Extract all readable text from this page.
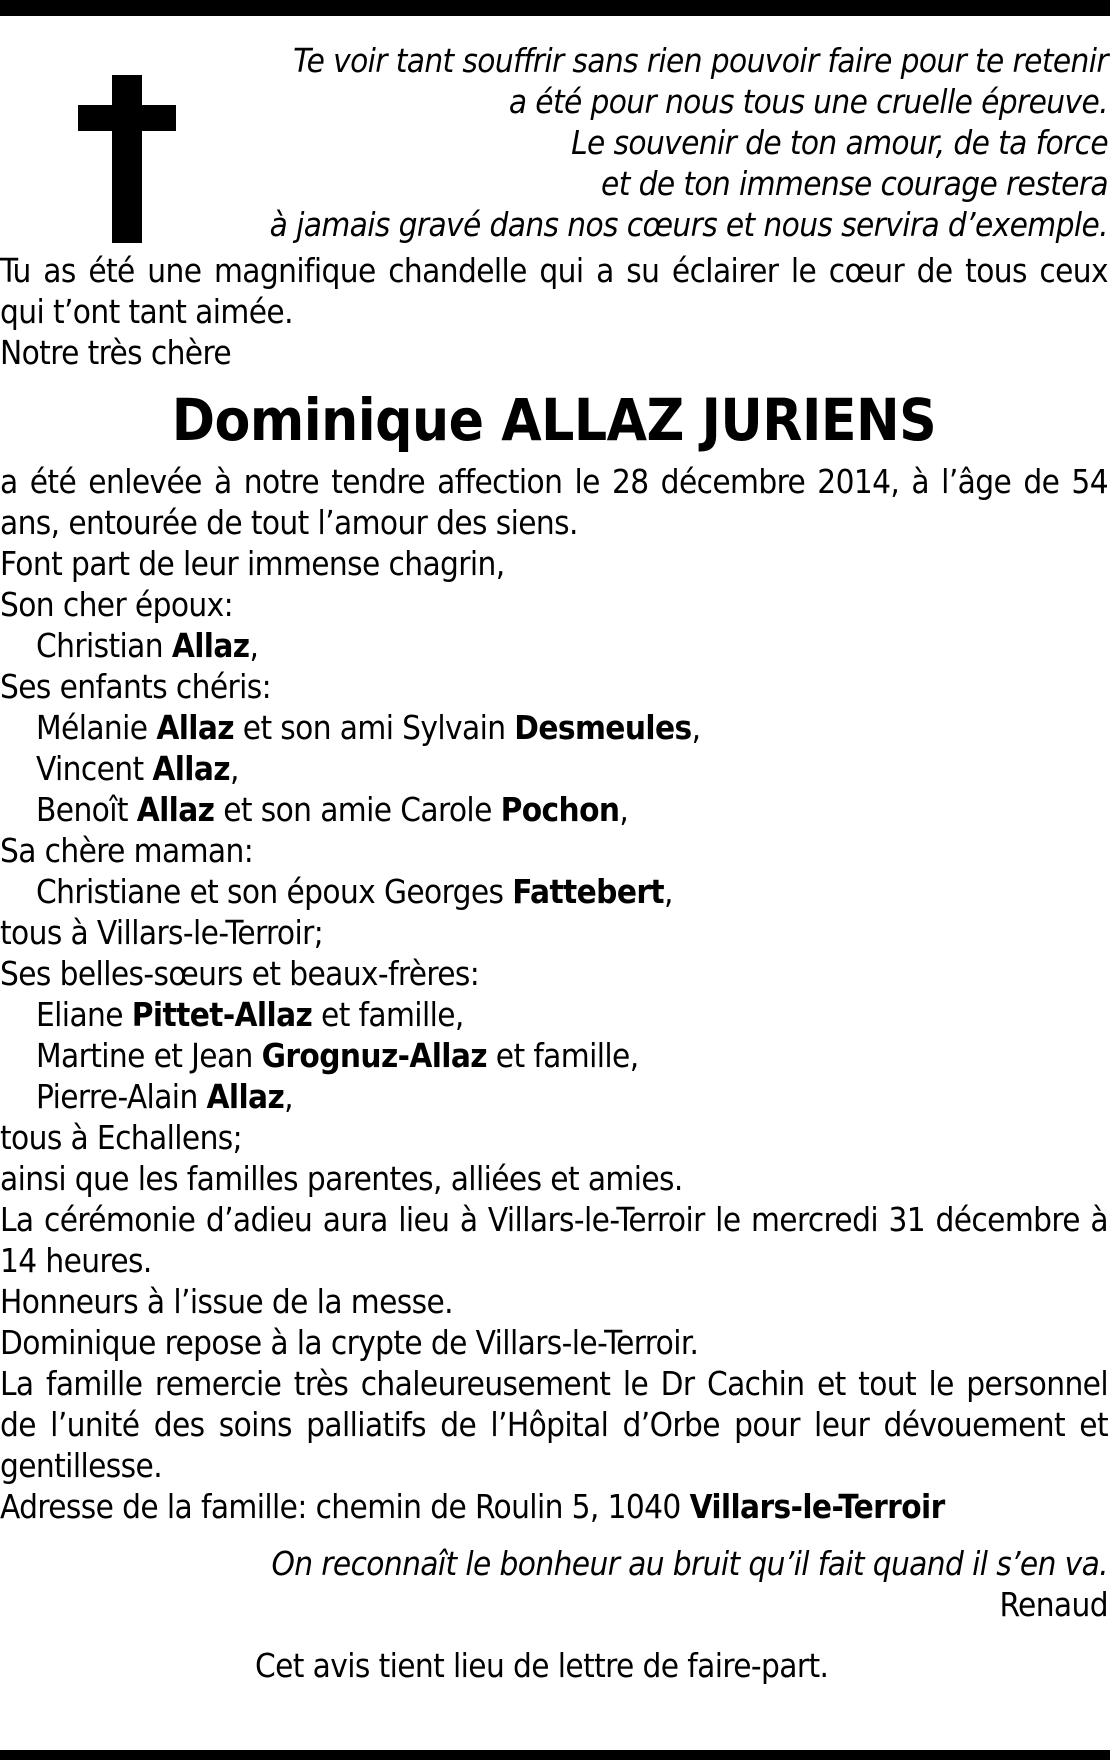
Te voir tant souffrir sans rien pouvoir faire pour te retenir
a été pour nous tous une cruelle épreuve.
Le souvenir de ton amour, de ta force
et de ton immense courage restera
à jamais gravé dans nos cœurs et nous servira d’exemple.
Tu as été une magnifique chandelle qui a su éclairer le cœur de tous ceux qui t’ont tant aimée.
Notre très chère
Dominique ALLAZ JURIENS
a été enlevée à notre tendre affection le 28 décembre 2014, à l’âge de 54 ans, entourée de tout l’amour des siens.
Font part de leur immense chagrin,
Son cher époux:
Christian Allaz,
Ses enfants chéris:
Mélanie Allaz et son ami Sylvain Desmeules,
Vincent Allaz,
Benoît Allaz et son amie Carole Pochon,
Sa chère maman:
Christiane et son époux Georges Fattebert,
tous à Villars-le-Terroir;
Ses belles-sœurs et beaux-frères:
Eliane Pittet-Allaz et famille,
Martine et Jean Grognuz-Allaz et famille,
Pierre-Alain Allaz,
tous à Echallens;
ainsi que les familles parentes, alliées et amies.
La cérémonie d’adieu aura lieu à Villars-le-Terroir le mercredi 31 décembre à 14 heures.
Honneurs à l’issue de la messe.
Dominique repose à la crypte de Villars-le-Terroir.
La famille remercie très chaleureusement le Dr Cachin et tout le personnel de l’unité des soins palliatifs de l’Hôpital d’Orbe pour leur dévouement et gentillesse.
Adresse de la famille: chemin de Roulin 5, 1040 Villars-le-Terroir
On reconnaît le bonheur au bruit qu’il fait quand il s’en va.
Renaud
Cet avis tient lieu de lettre de faire-part.
